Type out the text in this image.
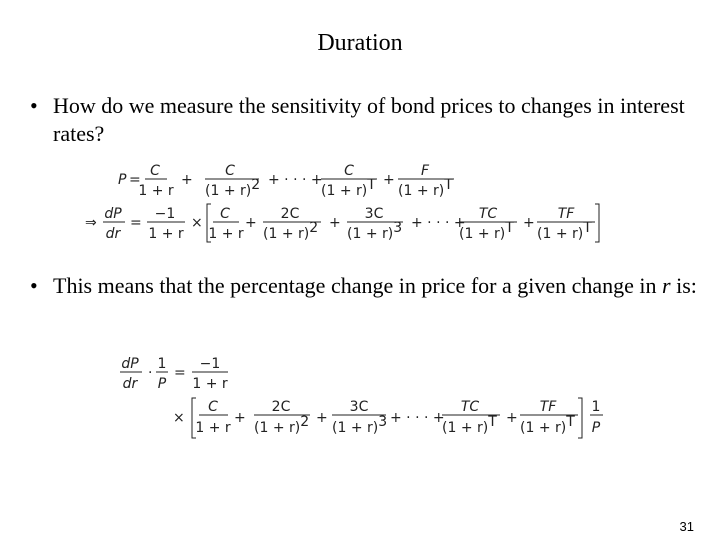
Duration
• How do we measure the sensitivity of bond prices to changes in interest rates?
P =
C
1 + r
+
C
(1 + r)2 + · · · +
C
(1 + r)T +
F
(1 + r)T
⇒
dP
dr
=
−1
1 + r
×
C
1 + r
+
2C
(1 + r)2 +
3C
(1 + r)3 + · · · +
TC
(1 + r)T +
TF
(1 + r)T
• This means that the percentage change in price for a given change in r is:
dP
dr
·
1
P
=
−1
1 + r
×
C
1 + r
+
2C
(1 + r)2 +
3C
(1 + r)3 + · · · +
TC
(1 + r)T +
TF
(1 + r)T
1
P
31
